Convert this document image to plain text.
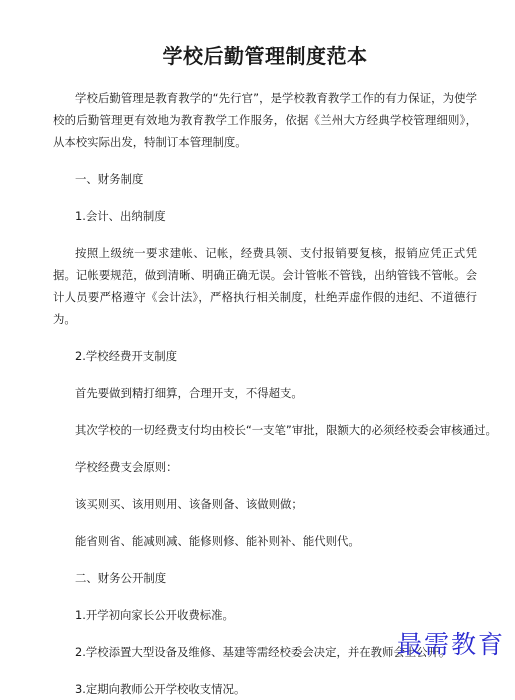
学校后勤管理制度范本

学校后勤管理是教育教学的“先行官”，是学校教育教学工作的有力保证，为使学校的后勤管理更有效地为教育教学工作服务，依据《兰州大方经典学校管理细则》，从本校实际出发，特制订本管理制度。

一、财务制度

1.会计、出纳制度

按照上级统一要求建帐、记帐，经费具领、支付报销要复核，报销应凭正式凭据。记帐要规范，做到清晰、明确正确无误。会计管帐不管钱，出纳管钱不管帐。会计人员要严格遵守《会计法》，严格执行相关制度，杜绝弄虚作假的违纪、不道德行为。

2.学校经费开支制度

首先要做到精打细算，合理开支，不得超支。

其次学校的一切经费支付均由校长“一支笔”审批，限额大的必须经校委会审核通过。

学校经费支会原则：

该买则买、该用则用、该备则备、该做则做；

能省则省、能减则减、能修则修、能补则补、能代则代。

二、财务公开制度

1.开学初向家长公开收费标准。

2.学校添置大型设备及维修、基建等需经校委会决定，并在教师会上公开。

3.定期向教师公开学校收支情况。

最需教育
